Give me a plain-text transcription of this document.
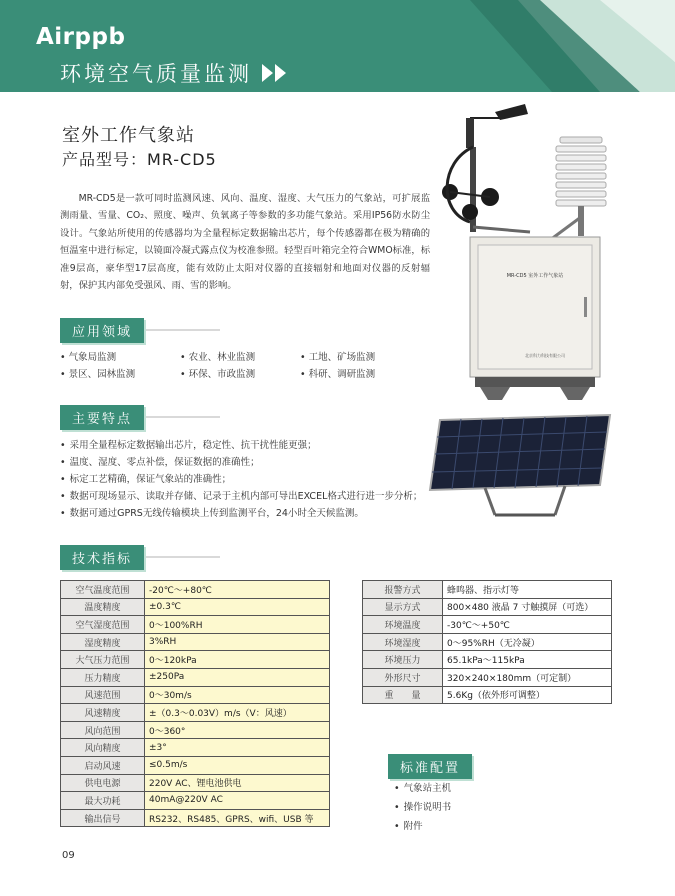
Airppb
环境空气质量监测
室外工作气象站
产品型号：MR-CD5

MR-CD5是一款可同时监测风速、风向、温度、湿度、大气压力的气象站，可扩展监测雨量、雪量、CO₂、照度、噪声、负氧离子等参数的多功能气象站。采用IP56防水防尘设计。气象站所使用的传感器均为全量程标定数据输出芯片，每个传感器都在极为精确的恒温室中进行标定，以镜面冷凝式露点仪为校准参照。轻型百叶箱完全符合WMO标准，标准9层高，豪华型17层高度，能有效防止太阳对仪器的直接辐射和地面对仪器的反射辐射，保护其内部免受强风、雨、雪的影响。

MR-CD5 室外工作气象站
北京科力科技有限公司
应用领域
• 气象局监测	• 农业、林业监测	• 工地、矿场监测
• 景区、园林监测	• 环保、市政监测	• 科研、调研监测
主要特点
• 采用全量程标定数据输出芯片，稳定性、抗干扰性能更强；
• 温度、湿度、零点补偿，保证数据的准确性；
• 标定工艺精确，保证气象站的准确性；
• 数据可现场显示、读取并存储、记录于主机内部可导出EXCEL格式进行进一步分析；
• 数据可通过GPRS无线传输模块上传到监测平台，24小时全天候监测。
技术指标
空气温度范围	-20℃～+80℃
温度精度	±0.3℃
空气湿度范围	0～100%RH
湿度精度	3%RH
大气压力范围	0～120kPa
压力精度	±250Pa
风速范围	0～30m/s
风速精度	±（0.3～0.03V）m/s（V：风速）
风向范围	0～360°
风向精度	±3°
启动风速	≤0.5m/s
供电电源	220V AC、锂电池供电
最大功耗	40mA@220V AC
输出信号	RS232、RS485、GPRS、wifi、USB 等
报警方式	蜂鸣器、指示灯等
显示方式	800×480 液晶 7 寸触摸屏（可选）
环境温度	-30℃～+50℃
环境湿度	0～95%RH（无冷凝）
环境压力	65.1kPa～115kPa
外形尺寸	320×240×180mm（可定制）
重　　量	5.6Kg（依外形可调整）
标准配置
• 气象站主机
• 操作说明书
• 附件
09
